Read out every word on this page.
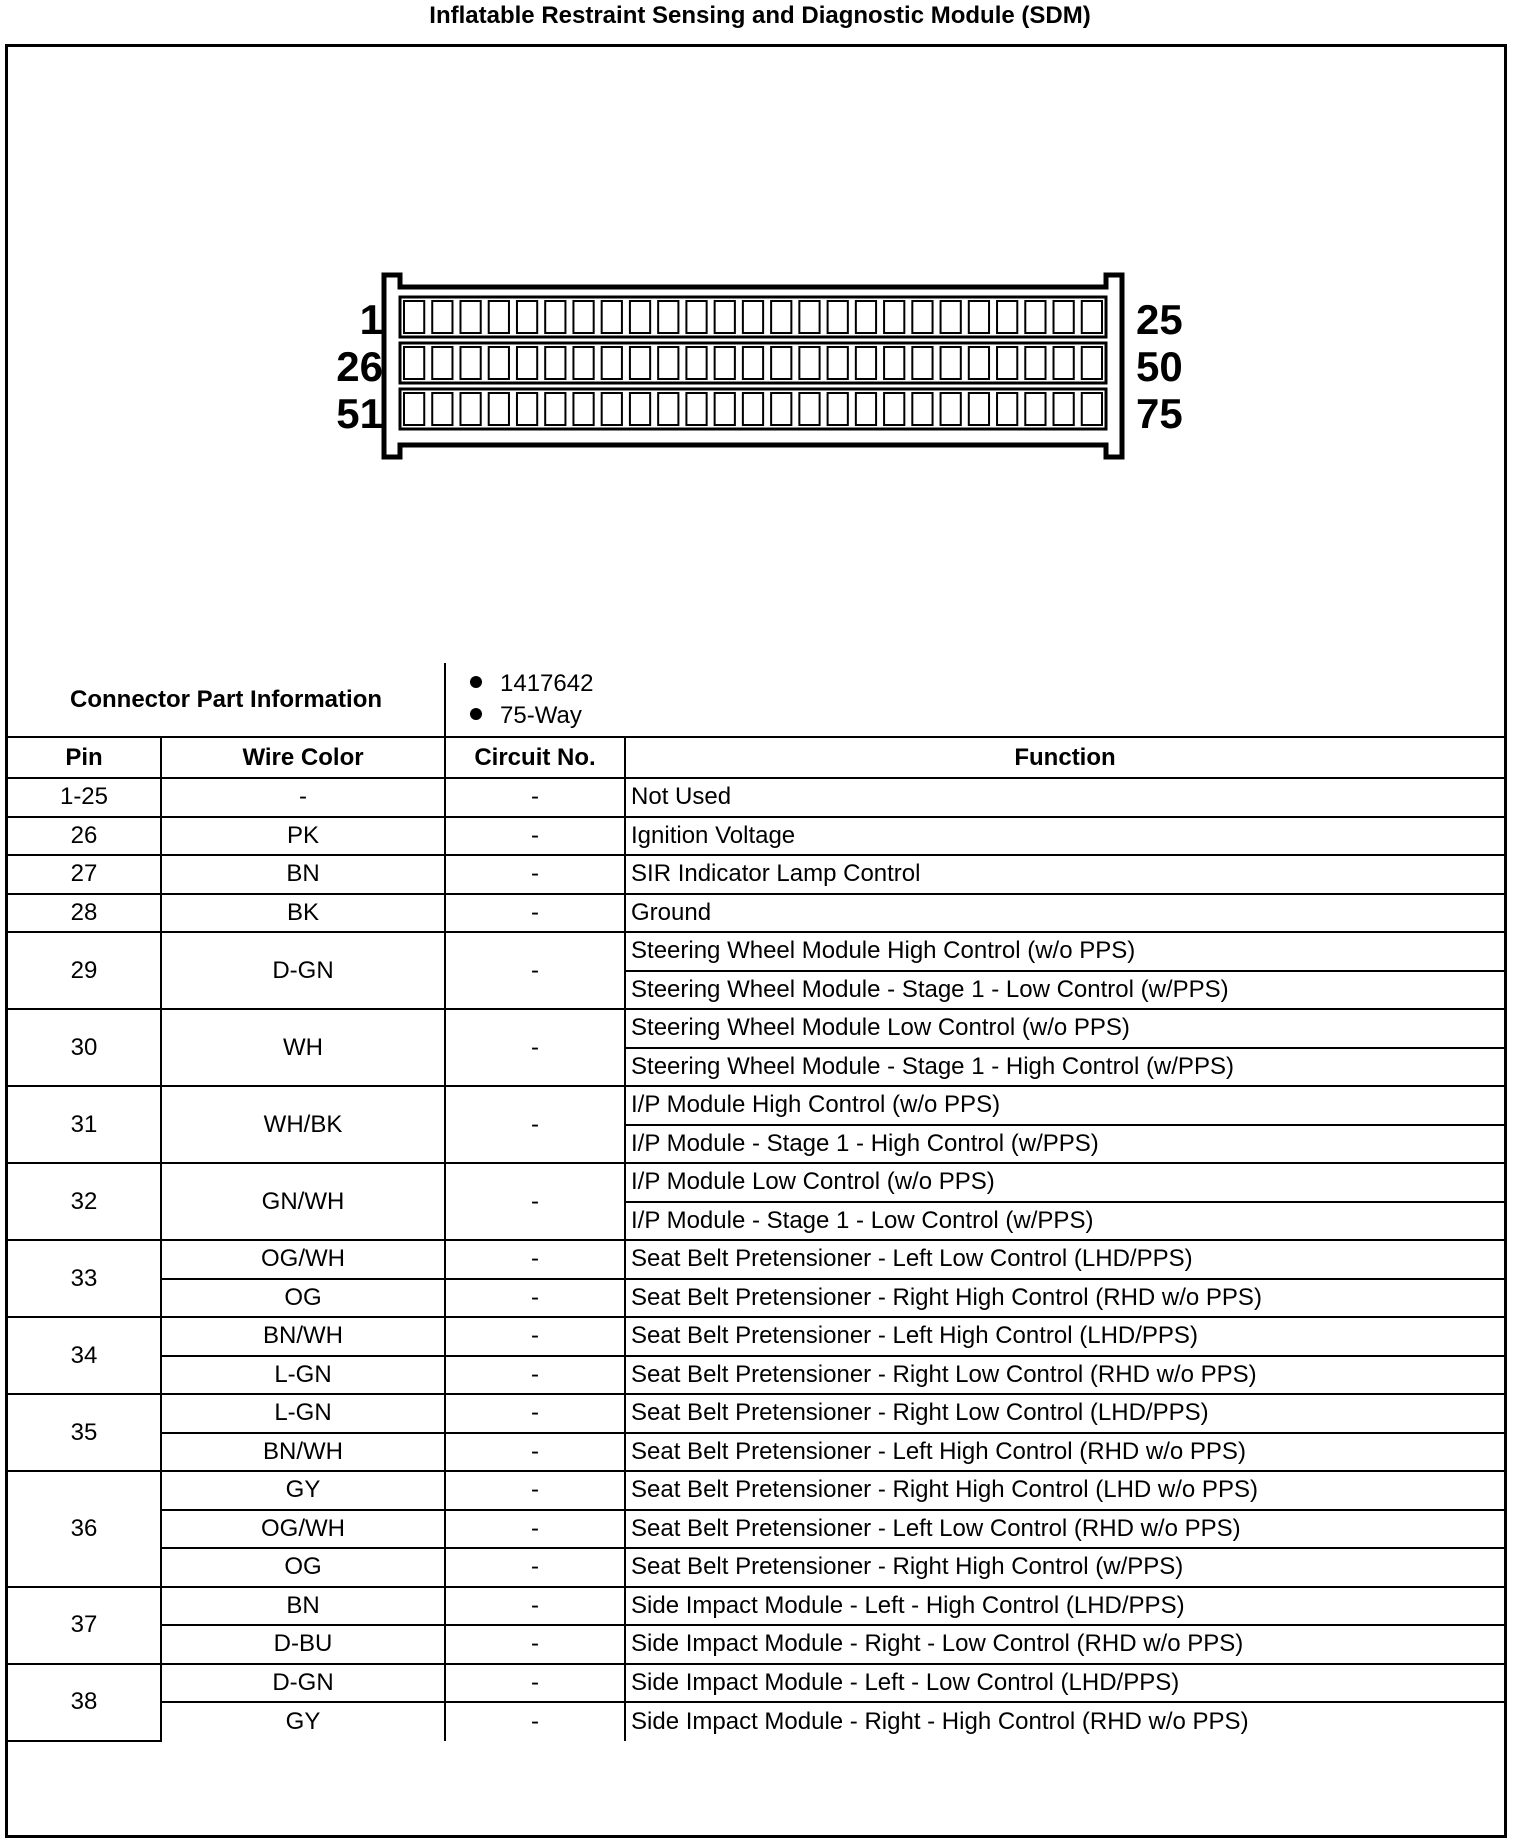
Inflatable Restraint Sensing and Diagnostic Module (SDM)
1
26
51
25
50
75
Connector Part Information		1417642
75-Way	

Pin	Wire Color	Circuit No.	Function
1-25	-	-	Not Used
26	PK	-	Ignition Voltage
27	BN	-	SIR Indicator Lamp Control
28	BK	-	Ground
29	D-GN	-	Steering Wheel Module High Control (w/o PPS)
			Steering Wheel Module - Stage 1 - Low Control (w/PPS)
30	WH	-	Steering Wheel Module Low Control (w/o PPS)
			Steering Wheel Module - Stage 1 - High Control (w/PPS)
31	WH/BK	-	I/P Module High Control (w/o PPS)
			I/P Module - Stage 1 - High Control (w/PPS)
32	GN/WH	-	I/P Module Low Control (w/o PPS)
			I/P Module - Stage 1 - Low Control (w/PPS)
33	OG/WH	-	Seat Belt Pretensioner - Left Low Control (LHD/PPS)
	OG	-	Seat Belt Pretensioner - Right High Control (RHD w/o PPS)
34	BN/WH	-	Seat Belt Pretensioner - Left High Control (LHD/PPS)
	L-GN	-	Seat Belt Pretensioner - Right Low Control (RHD w/o PPS)
35	L-GN	-	Seat Belt Pretensioner - Right Low Control (LHD/PPS)
	BN/WH	-	Seat Belt Pretensioner - Left High Control (RHD w/o PPS)
36	GY	-	Seat Belt Pretensioner - Right High Control (LHD w/o PPS)
	OG/WH	-	Seat Belt Pretensioner - Left Low Control (RHD w/o PPS)
	OG	-	Seat Belt Pretensioner - Right High Control (w/PPS)
37	BN	-	Side Impact Module - Left - High Control (LHD/PPS)
	D-BU	-	Side Impact Module - Right - Low Control (RHD w/o PPS)
38	D-GN	-	Side Impact Module - Left - Low Control (LHD/PPS)
	GY	-	Side Impact Module - Right - High Control (RHD w/o PPS)
